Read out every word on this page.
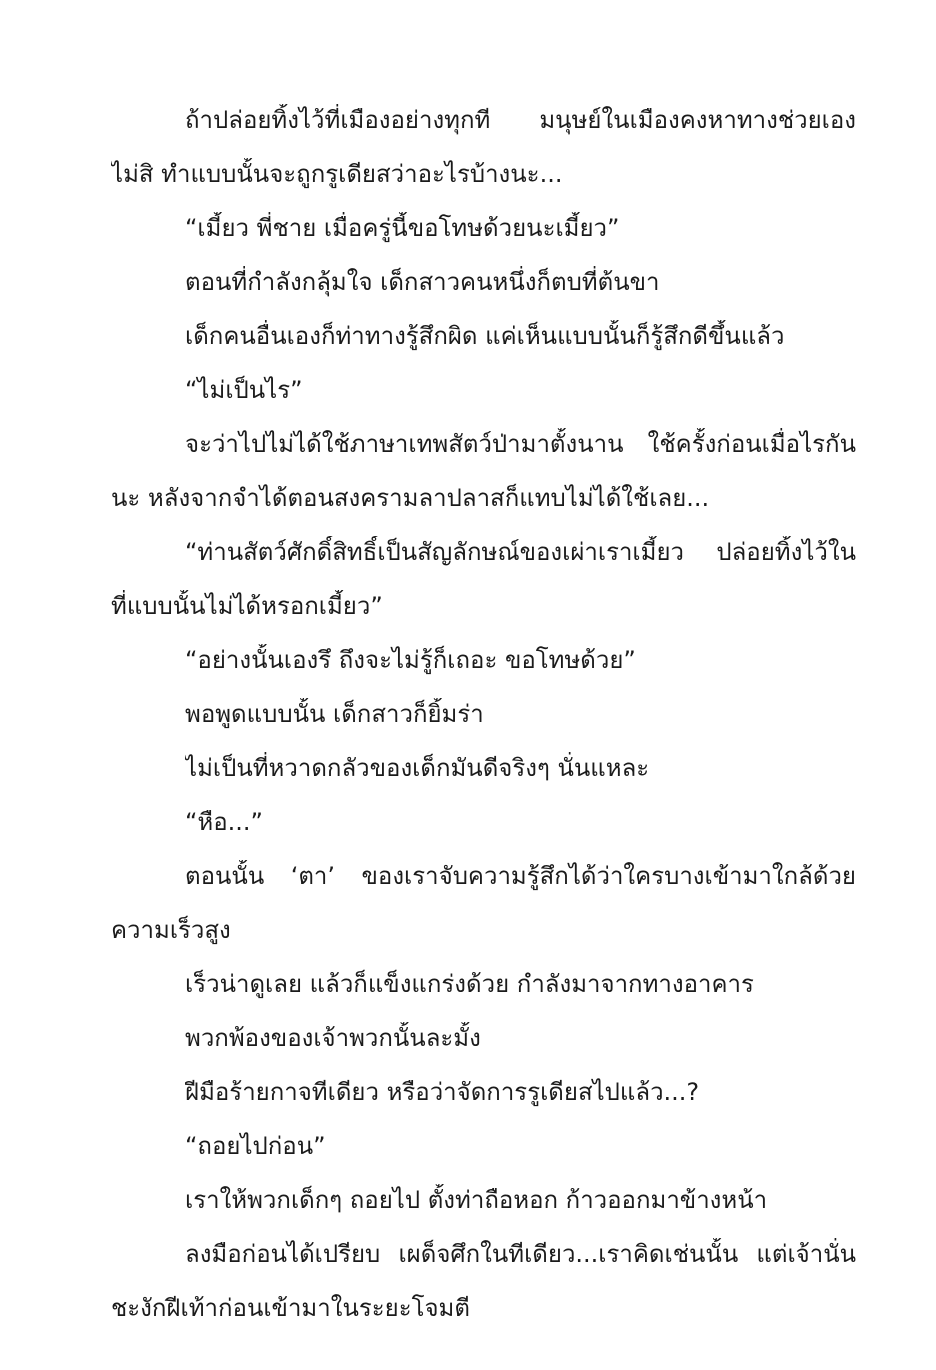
ถ้าปล่อยทิ้งไว้ที่เมืองอย่างทุกที มนุษย์ในเมืองคงหาทางช่วยเอง
ไม่สิ ทำแบบนั้นจะถูกรูเดียสว่าอะไรบ้างนะ...
“เมี้ยว พี่ชาย เมื่อครู่นี้ขอโทษด้วยนะเมี้ยว”
ตอนที่กำลังกลุ้มใจ เด็กสาวคนหนึ่งก็ตบที่ต้นขา
เด็กคนอื่นเองก็ท่าทางรู้สึกผิด แค่เห็นแบบนั้นก็รู้สึกดีขึ้นแล้ว
“ไม่เป็นไร”
จะว่าไปไม่ได้ใช้ภาษาเทพสัตว์ป่ามาตั้งนาน ใช้ครั้งก่อนเมื่อไรกัน
นะ หลังจากจำได้ตอนสงครามลาปลาสก็แทบไม่ได้ใช้เลย...
“ท่านสัตว์ศักดิ์สิทธิ์เป็นสัญลักษณ์ของเผ่าเราเมี้ยว ปล่อยทิ้งไว้ใน
ที่แบบนั้นไม่ได้หรอกเมี้ยว”
“อย่างนั้นเองรึ ถึงจะไม่รู้ก็เถอะ ขอโทษด้วย”
พอพูดแบบนั้น เด็กสาวก็ยิ้มร่า
ไม่เป็นที่หวาดกลัวของเด็กมันดีจริงๆ นั่นแหละ
“หือ...”
ตอนนั้น ‘ตา’ ของเราจับความรู้สึกได้ว่าใครบางเข้ามาใกล้ด้วย
ความเร็วสูง
เร็วน่าดูเลย แล้วก็แข็งแกร่งด้วย กำลังมาจากทางอาคาร
พวกพ้องของเจ้าพวกนั้นละมั้ง
ฝีมือร้ายกาจทีเดียว หรือว่าจัดการรูเดียสไปแล้ว...?
“ถอยไปก่อน”
เราให้พวกเด็กๆ ถอยไป ตั้งท่าถือหอก ก้าวออกมาข้างหน้า
ลงมือก่อนได้เปรียบ เผด็จศึกในทีเดียว...เราคิดเช่นนั้น แต่เจ้านั่น
ชะงักฝีเท้าก่อนเข้ามาในระยะโจมตี
